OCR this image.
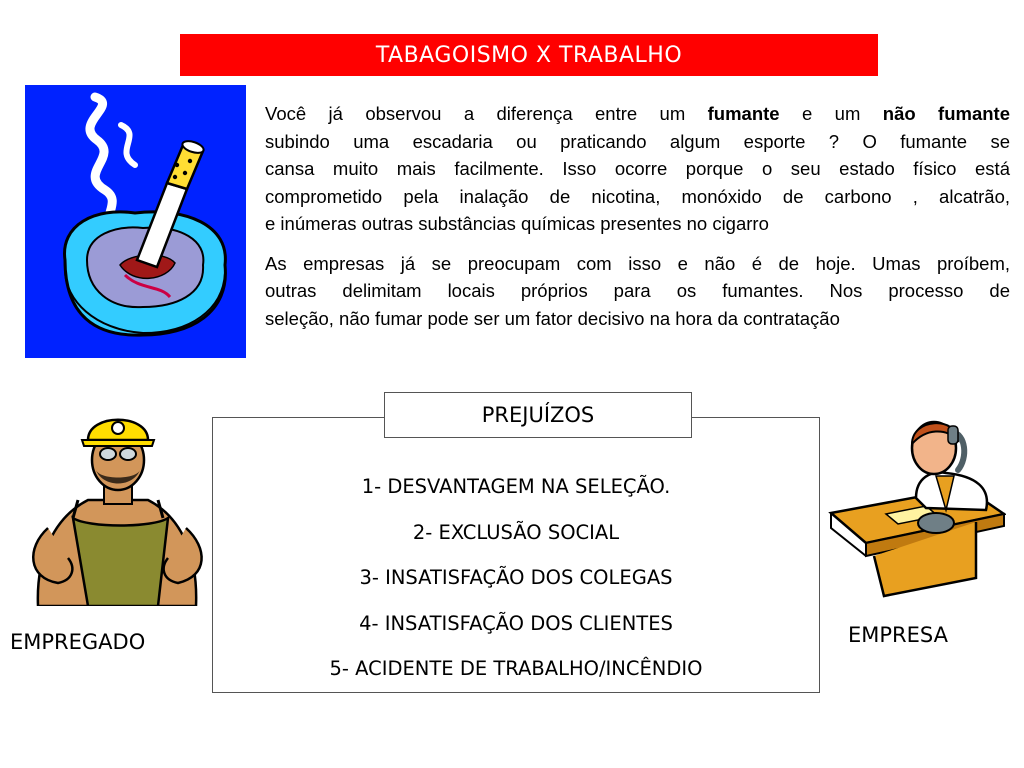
TABAGOISMO X TRABALHO

Você já observou a diferença entre um fumante e um não fumante
subindo uma escadaria ou praticando algum esporte ? O fumante se
cansa muito mais facilmente. Isso ocorre porque o seu estado físico está
comprometido pela inalação de nicotina, monóxido de carbono , alcatrão,
e inúmeras outras substâncias químicas presentes no cigarro

As empresas já se preocupam com isso e não é de hoje. Umas proíbem,
outras delimitam locais próprios para os fumantes. Nos processo de
seleção, não fumar pode ser um fator decisivo na hora da contratação

PREJUÍZOS
1- DESVANTAGEM NA SELEÇÃO.
2- EXCLUSÃO SOCIAL
3- INSATISFAÇÃO DOS COLEGAS
4- INSATISFAÇÃO DOS CLIENTES
5- ACIDENTE DE TRABALHO/INCÊNDIO
EMPREGADO	EMPRESA
